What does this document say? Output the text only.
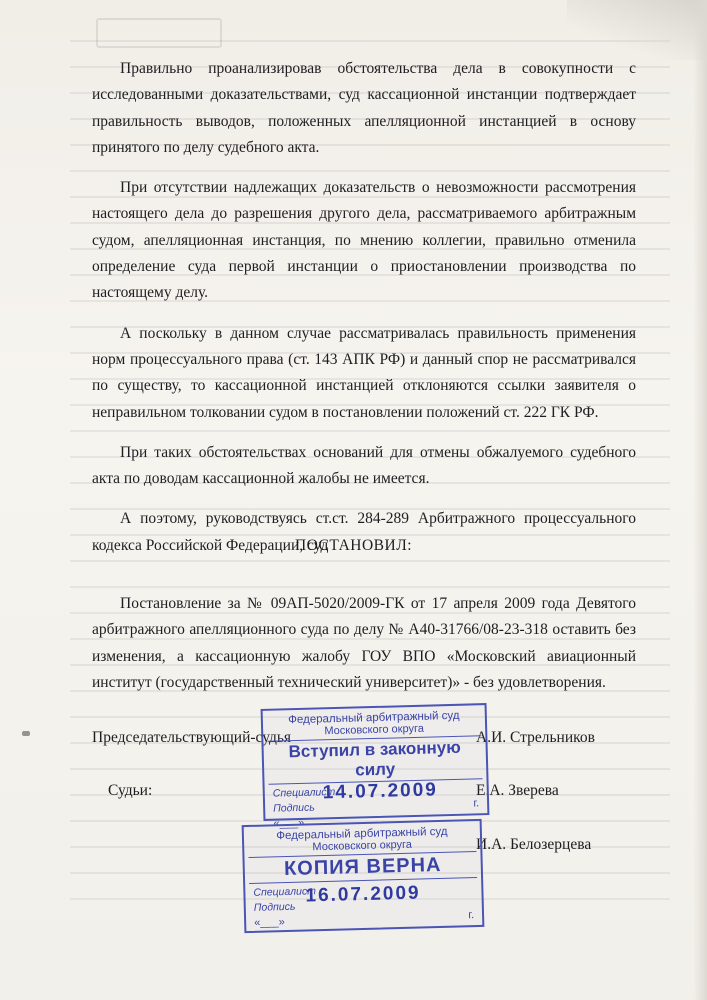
Правильно проанализировав обстоятельства дела в совокупности с исследованными доказательствами, суд кассационной инстанции подтверждает правильность выводов, положенных апелляционной инстанцией в основу принятого по делу судебного акта.

При отсутствии надлежащих доказательств о невозможности рассмотрения настоящего дела до разрешения другого дела, рассматриваемого арбитражным судом, апелляционная инстанция, по мнению коллегии, правильно отменила определение суда первой инстанции о приостановлении производства по настоящему делу.

А поскольку в данном случае рассматривалась правильность применения норм процессуального права (ст. 143 АПК РФ) и данный спор не рассматривался по существу, то кассационной инстанцией отклоняются ссылки заявителя о неправильном толковании судом в постановлении положений ст. 222 ГК РФ.

При таких обстоятельствах оснований для отмены обжалуемого судебного акта по доводам кассационной жалобы не имеется.

А поэтому, руководствуясь ст.ст. 284-289 Арбитражного процессуального кодекса Российской Федерации, суд

ПОСТАНОВИЛ:

Постановление за № 09АП-5020/2009-ГК от 17 апреля 2009 года Девятого арбитражного апелляционного суда по делу № А40-31766/08-23-318 оставить без изменения, а кассационную жалобу ГОУ ВПО «Московский авиационный институт (государственный технический университет)» - без удовлетворения.

Председательствующий-судья	А.И. Стрельников
Судьи:	Е.А. Зверева
И.А. Белозерцева
Федеральный арбитражный суд
Московского округа
Вступил в законную силу
Специалист
Подпись
«___»
14.07.2009	г.
Федеральный арбитражный суд
Московского округа
КОПИЯ ВЕРНА
Специалист
Подпись
«___»
16.07.2009
г.
